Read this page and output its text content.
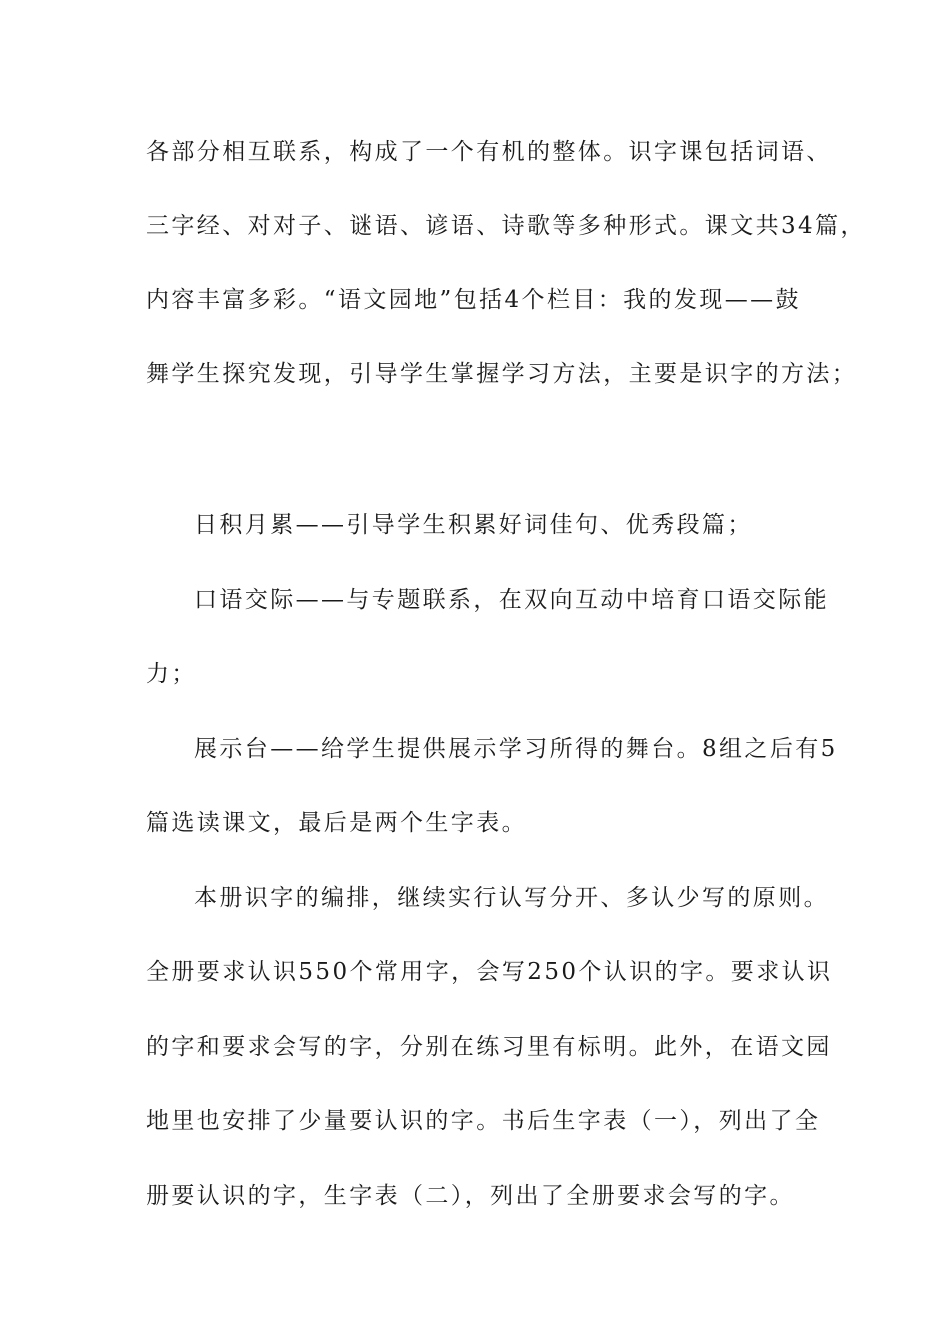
各部分相互联系，构成了一个有机的整体。识字课包括词语、
三字经、对对子、谜语、谚语、诗歌等多种形式。课文共34篇，
内容丰富多彩。“语文园地”包括4个栏目：我的发现——鼓
舞学生探究发现，引导学生掌握学习方法，主要是识字的方法；
日积月累——引导学生积累好词佳句、优秀段篇；
口语交际——与专题联系，在双向互动中培育口语交际能
力；
展示台——给学生提供展示学习所得的舞台。8组之后有5
篇选读课文，最后是两个生字表。
本册识字的编排，继续实行认写分开、多认少写的原则。
全册要求认识550个常用字，会写250个认识的字。要求认识
的字和要求会写的字，分别在练习里有标明。此外，在语文园
地里也安排了少量要认识的字。书后生字表（一），列出了全
册要认识的字，生字表（二），列出了全册要求会写的字。
